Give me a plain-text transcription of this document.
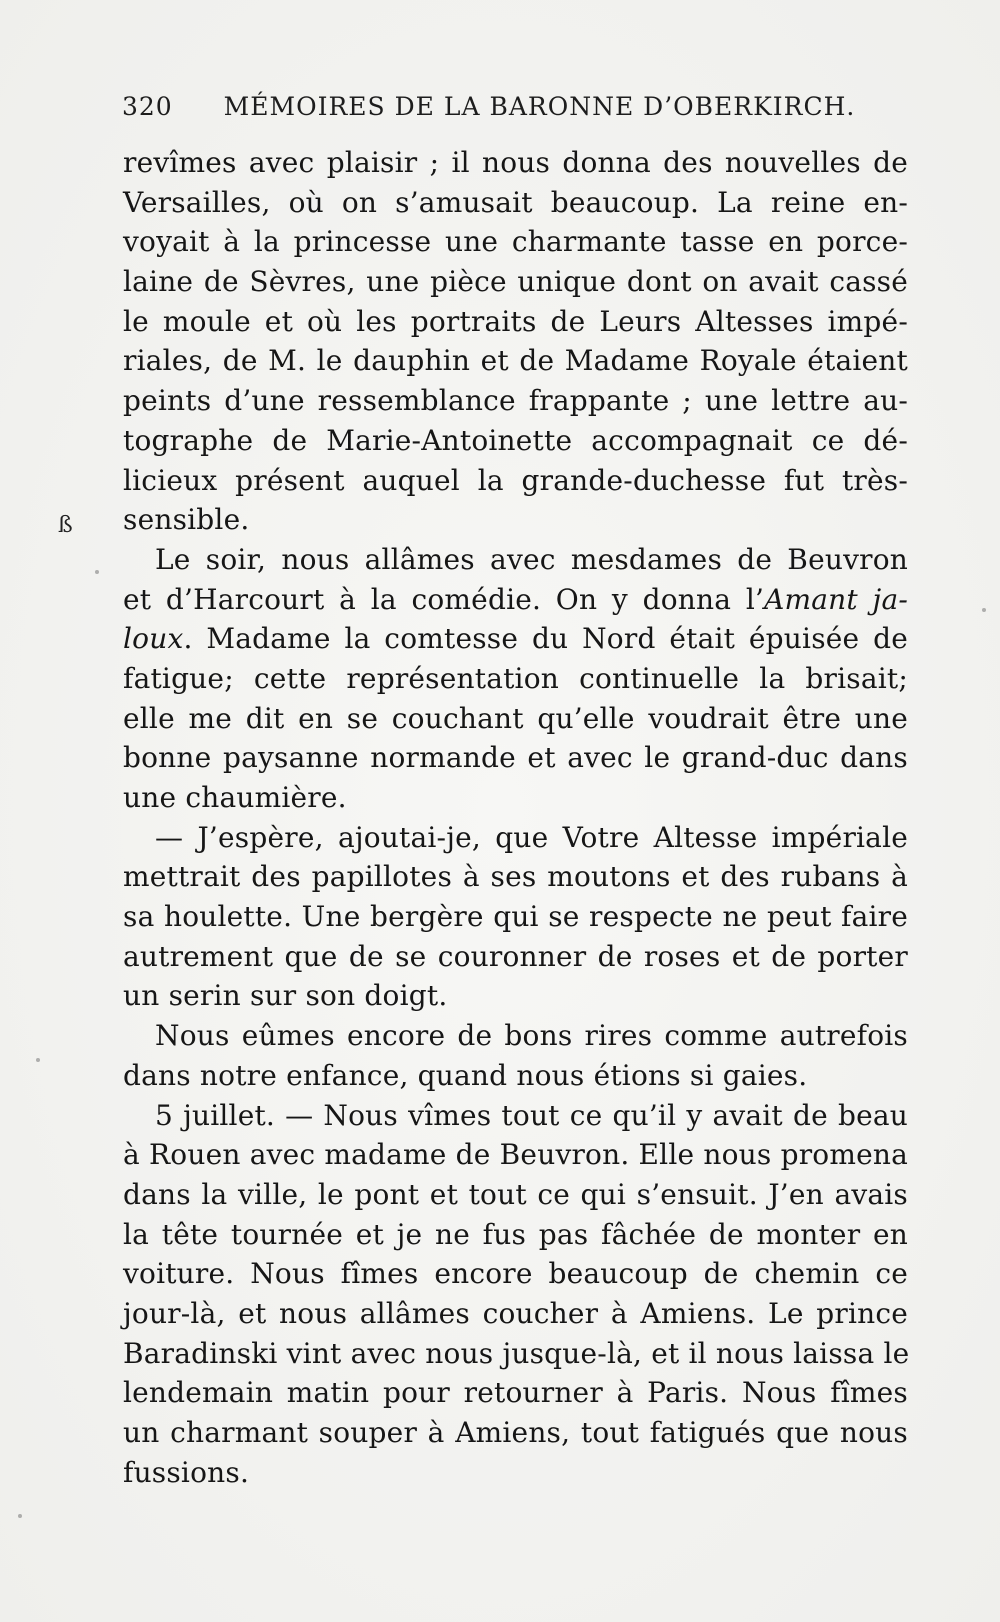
320 MÉMOIRES DE LA BARONNE D’OBERKIRCH.
ß
revîmes avec plaisir ; il nous donna des nouvelles de
Versailles, où on s’amusait beaucoup. La reine en-
voyait à la princesse une charmante tasse en porce-
laine de Sèvres, une pièce unique dont on avait cassé
le moule et où les portraits de Leurs Altesses impé-
riales, de M. le dauphin et de Madame Royale étaient
peints d’une ressemblance frappante ; une lettre au-
tographe de Marie-Antoinette accompagnait ce dé-
licieux présent auquel la grande-duchesse fut très-
sensible.
Le soir, nous allâmes avec mesdames de Beuvron
et d’Harcourt à la comédie. On y donna l’Amant ja-
loux. Madame la comtesse du Nord était épuisée de
fatigue; cette représentation continuelle la brisait;
elle me dit en se couchant qu’elle voudrait être une
bonne paysanne normande et avec le grand-duc dans
une chaumière.
— J’espère, ajoutai-je, que Votre Altesse impériale
mettrait des papillotes à ses moutons et des rubans à
sa houlette. Une bergère qui se respecte ne peut faire
autrement que de se couronner de roses et de porter
un serin sur son doigt.
Nous eûmes encore de bons rires comme autrefois
dans notre enfance, quand nous étions si gaies.
5 juillet. — Nous vîmes tout ce qu’il y avait de beau
à Rouen avec madame de Beuvron. Elle nous promena
dans la ville, le pont et tout ce qui s’ensuit. J’en avais
la tête tournée et je ne fus pas fâchée de monter en
voiture. Nous fîmes encore beaucoup de chemin ce
jour-là, et nous allâmes coucher à Amiens. Le prince
Baradinski vint avec nous jusque-là, et il nous laissa le
lendemain matin pour retourner à Paris. Nous fîmes
un charmant souper à Amiens, tout fatigués que nous
fussions.
